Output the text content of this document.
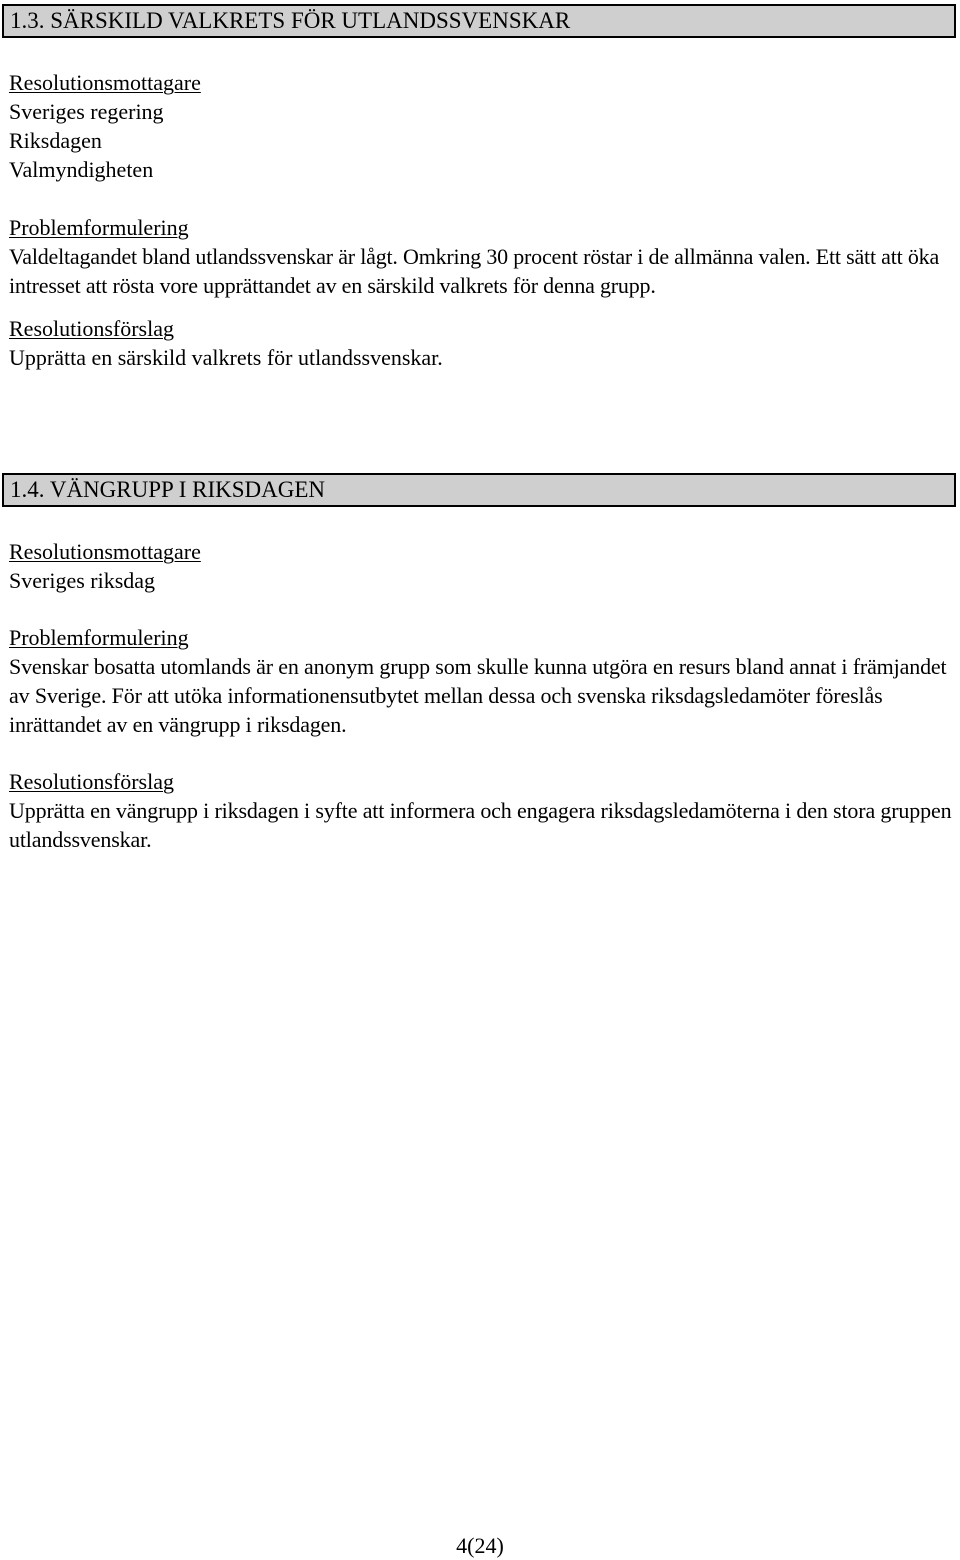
1.3. SÄRSKILD VALKRETS FÖR UTLANDSSVENSKAR
Resolutionsmottagare
Sveriges regering
Riksdagen
Valmyndigheten
Problemformulering
Valdeltagandet bland utlandssvenskar är lågt. Omkring 30 procent röstar i de allmänna valen. Ett sätt att öka intresset att rösta vore upprättandet av en särskild valkrets för denna grupp.
Resolutionsförslag
Upprätta en särskild valkrets för utlandssvenskar.
1.4. VÄNGRUPP I RIKSDAGEN
Resolutionsmottagare
Sveriges riksdag
Problemformulering
Svenskar bosatta utomlands är en anonym grupp som skulle kunna utgöra en resurs bland annat i främjandet av Sverige. För att utöka informationensutbytet mellan dessa och svenska riksdagsledamöter föreslås inrättandet av en vängrupp i riksdagen.
Resolutionsförslag
Upprätta en vängrupp i riksdagen i syfte att informera och engagera riksdagsledamöterna i den stora gruppen utlandssvenskar.
4(24)
